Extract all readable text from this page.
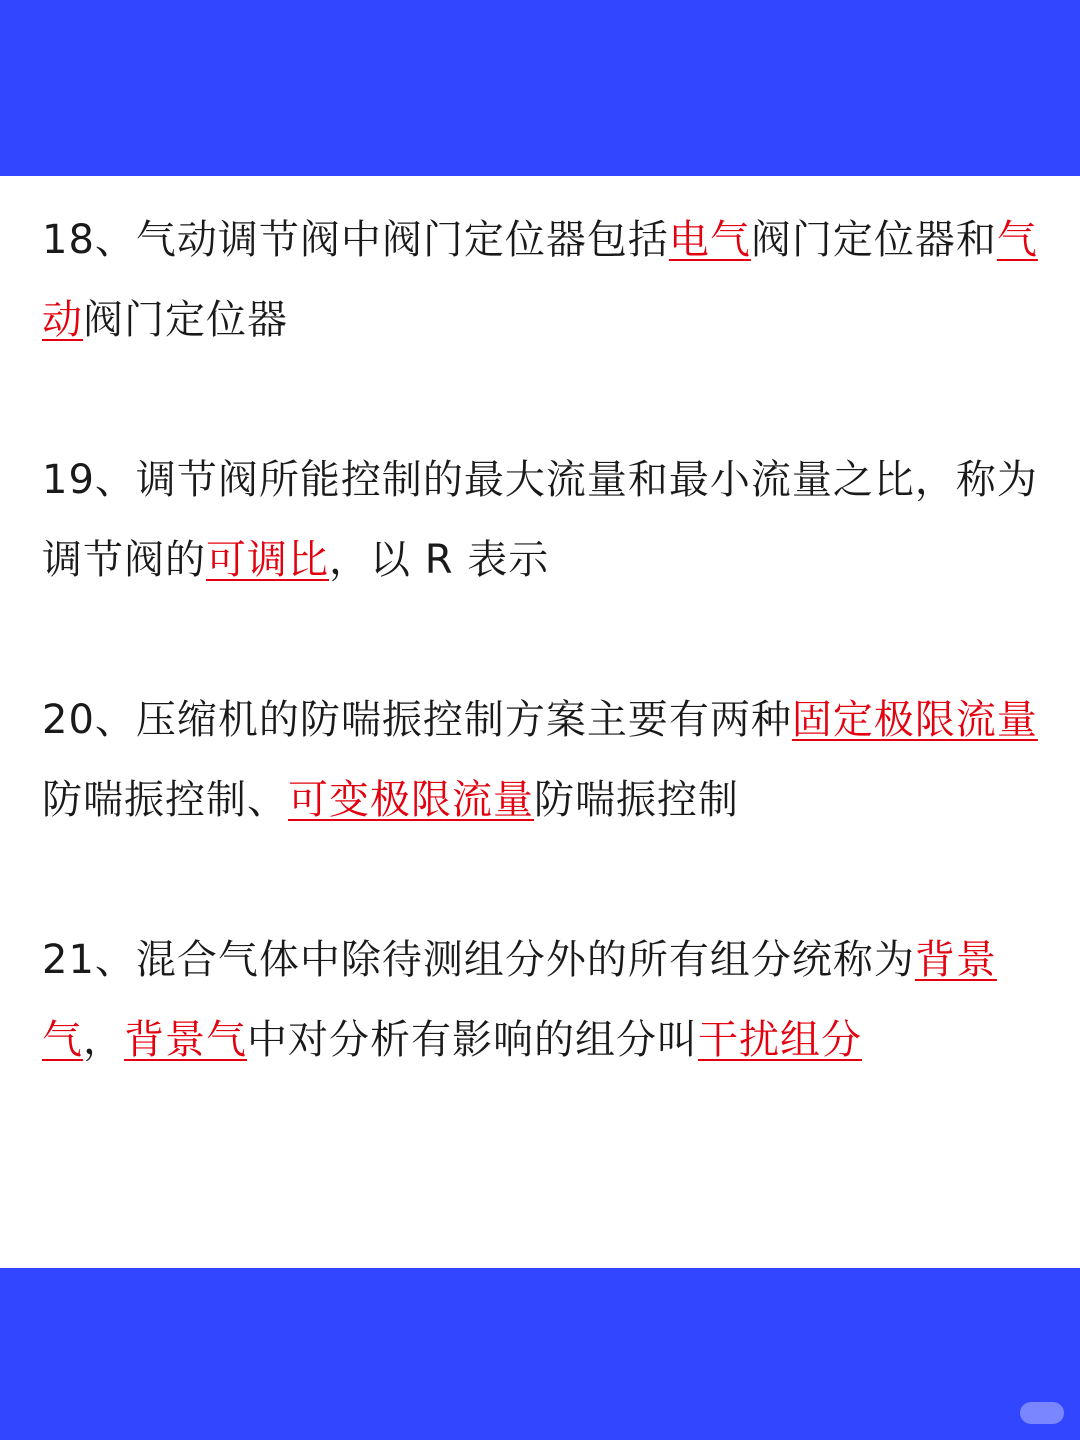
18、气动调节阀中阀门定位器包括电气阀门定位器和气动阀门定位器

19、调节阀所能控制的最大流量和最小流量之比，称为调节阀的可调比，以 R 表示

20、压缩机的防喘振控制方案主要有两种固定极限流量防喘振控制、可变极限流量防喘振控制

21、混合气体中除待测组分外的所有组分统称为背景气，背景气中对分析有影响的组分叫干扰组分
